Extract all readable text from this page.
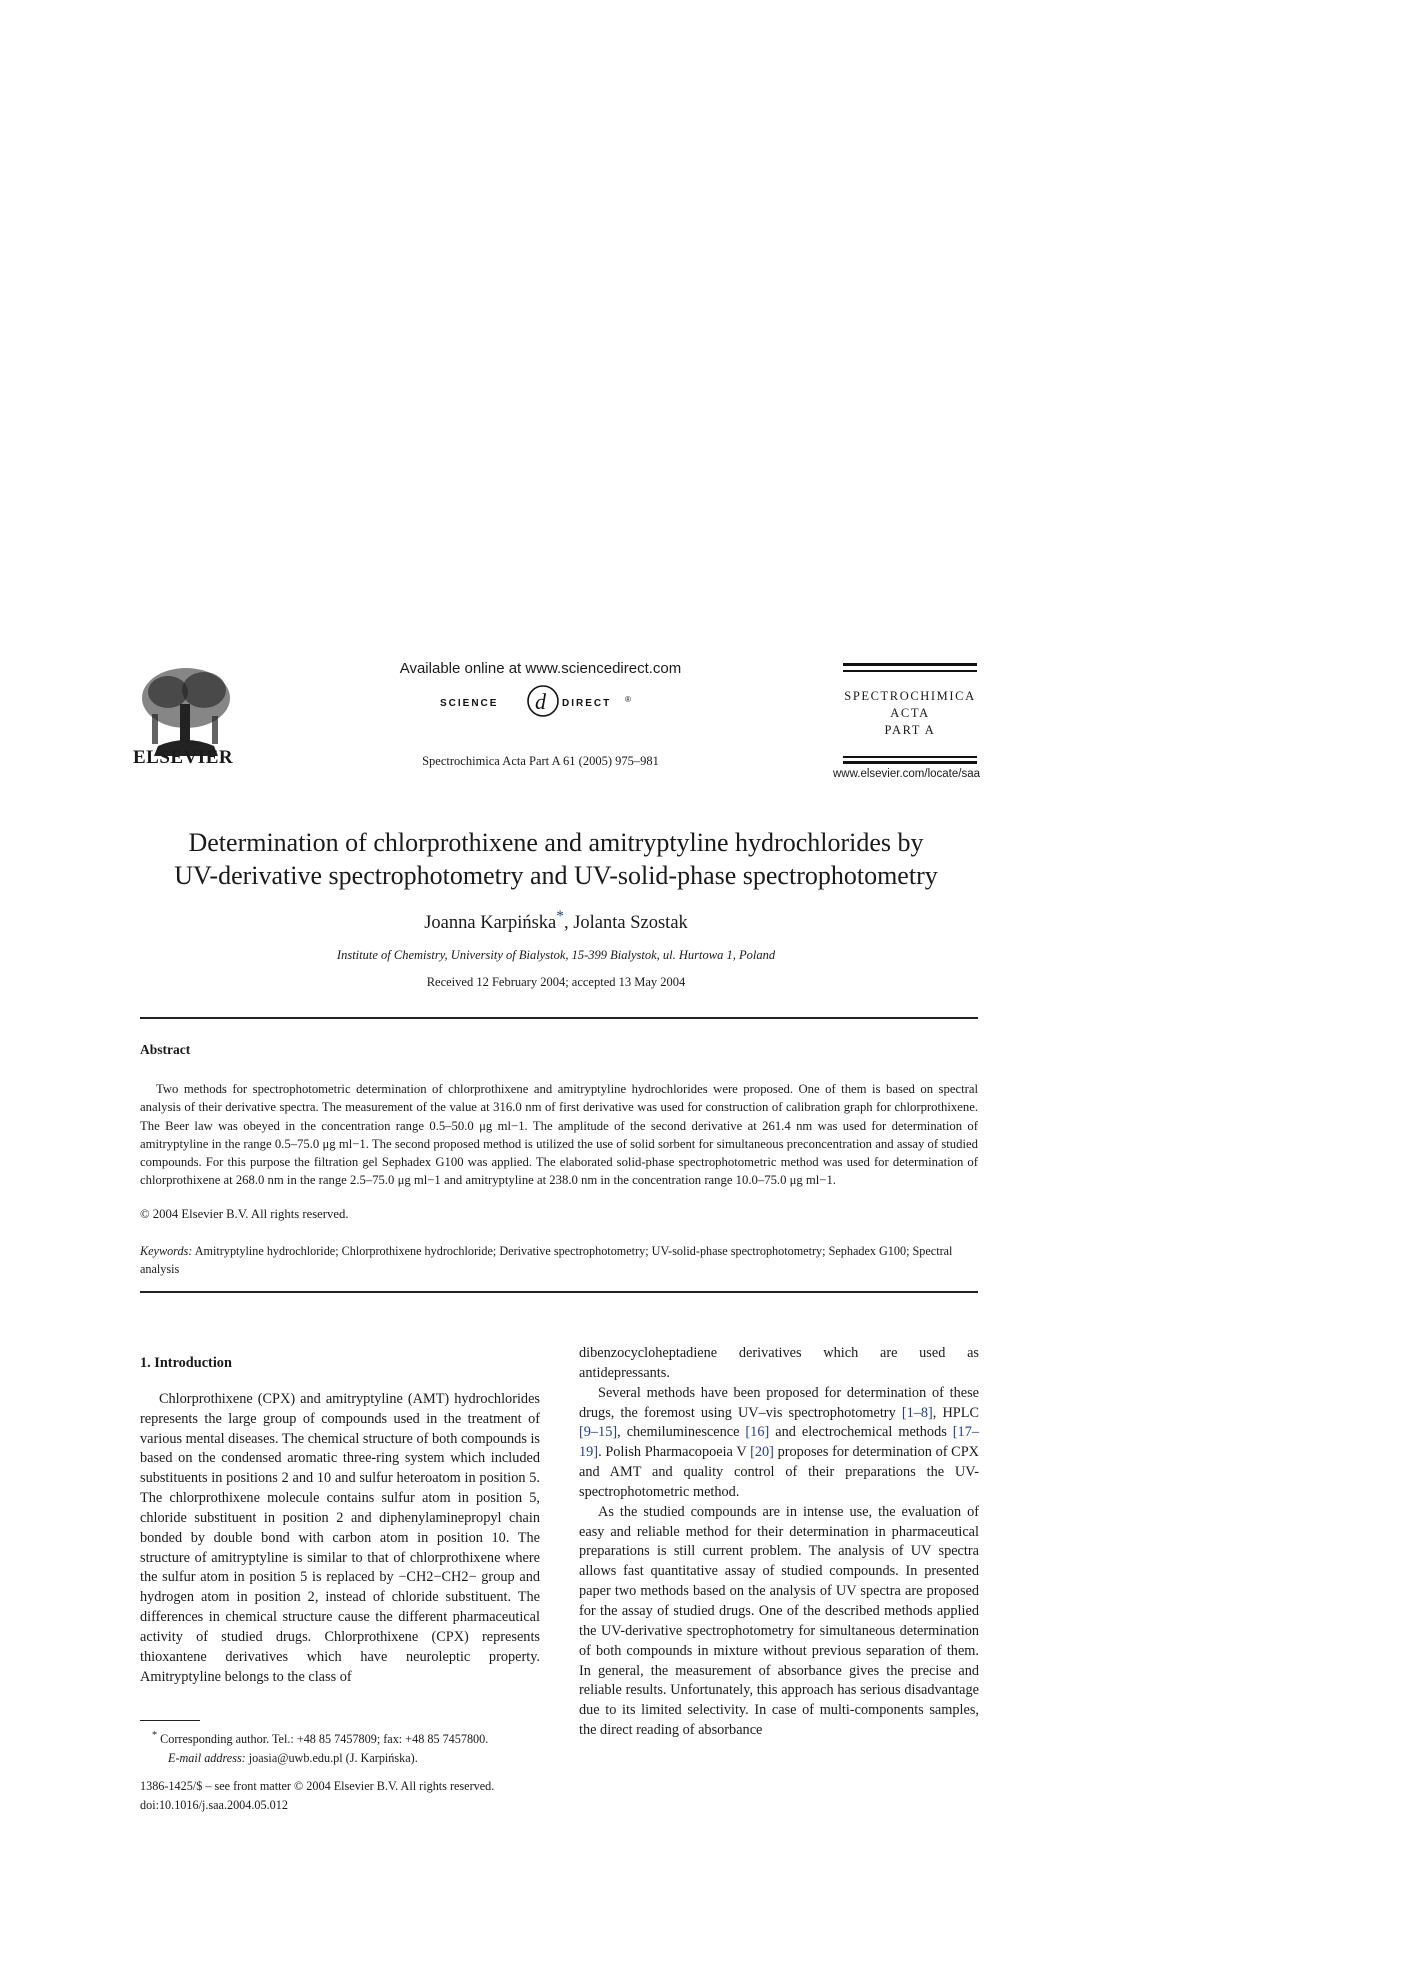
ELSEVIER
Available online at www.sciencedirect.com
SCIENCE d DIRECT ®
Spectrochimica Acta Part A 61 (2005) 975–981
SPECTROCHIMICA
ACTA
PART A
www.elsevier.com/locate/saa
Determination of chlorprothixene and amitryptyline hydrochlorides by
UV-derivative spectrophotometry and UV-solid-phase spectrophotometry
Joanna Karpińska*, Jolanta Szostak
Institute of Chemistry, University of Bialystok, 15-399 Bialystok, ul. Hurtowa 1, Poland
Received 12 February 2004; accepted 13 May 2004
Abstract

Two methods for spectrophotometric determination of chlorprothixene and amitryptyline hydrochlorides were proposed. One of them is based on spectral analysis of their derivative spectra. The measurement of the value at 316.0 nm of first derivative was used for construction of calibration graph for chlorprothixene. The Beer law was obeyed in the concentration range 0.5–50.0 μg ml−1. The amplitude of the second derivative at 261.4 nm was used for determination of amitryptyline in the range 0.5–75.0 μg ml−1. The second proposed method is utilized the use of solid sorbent for simultaneous preconcentration and assay of studied compounds. For this purpose the filtration gel Sephadex G100 was applied. The elaborated solid-phase spectrophotometric method was used for determination of chlorprothixene at 268.0 nm in the range 2.5–75.0 μg ml−1 and amitryptyline at 238.0 nm in the concentration range 10.0–75.0 μg ml−1.

© 2004 Elsevier B.V. All rights reserved.
Keywords: Amitryptyline hydrochloride; Chlorprothixene hydrochloride; Derivative spectrophotometry; UV-solid-phase spectrophotometry; Sephadex G100; Spectral analysis
1. Introduction

Chlorprothixene (CPX) and amitryptyline (AMT) hydrochlorides represents the large group of compounds used in the treatment of various mental diseases. The chemical structure of both compounds is based on the condensed aromatic three-ring system which included substituents in positions 2 and 10 and sulfur heteroatom in position 5. The chlorprothixene molecule contains sulfur atom in position 5, chloride substituent in position 2 and diphenylaminepropyl chain bonded by double bond with carbon atom in position 10. The structure of amitryptyline is similar to that of chlorprothixene where the sulfur atom in position 5 is replaced by −CH2−CH2− group and hydrogen atom in position 2, instead of chloride substituent. The differences in chemical structure cause the different pharmaceutical activity of studied drugs. Chlorprothixene (CPX) represents thioxantene derivatives which have neuroleptic property. Amitryptyline belongs to the class of

dibenzocycloheptadiene derivatives which are used as antidepressants.

Several methods have been proposed for determination of these drugs, the foremost using UV–vis spectrophotometry [1–8], HPLC [9–15], chemiluminescence [16] and electrochemical methods [17–19]. Polish Pharmacopoeia V [20] proposes for determination of CPX and AMT and quality control of their preparations the UV-spectrophotometric method.

As the studied compounds are in intense use, the evaluation of easy and reliable method for their determination in pharmaceutical preparations is still current problem. The analysis of UV spectra allows fast quantitative assay of studied compounds. In presented paper two methods based on the analysis of UV spectra are proposed for the assay of studied drugs. One of the described methods applied the UV-derivative spectrophotometry for simultaneous determination of both compounds in mixture without previous separation of them. In general, the measurement of absorbance gives the precise and reliable results. Unfortunately, this approach has serious disadvantage due to its limited selectivity. In case of multi-components samples, the direct reading of absorbance

* Corresponding author. Tel.: +48 85 7457809; fax: +48 85 7457800.
E-mail address: joasia@uwb.edu.pl (J. Karpińska).
1386-1425/$ – see front matter © 2004 Elsevier B.V. All rights reserved.
doi:10.1016/j.saa.2004.05.012
